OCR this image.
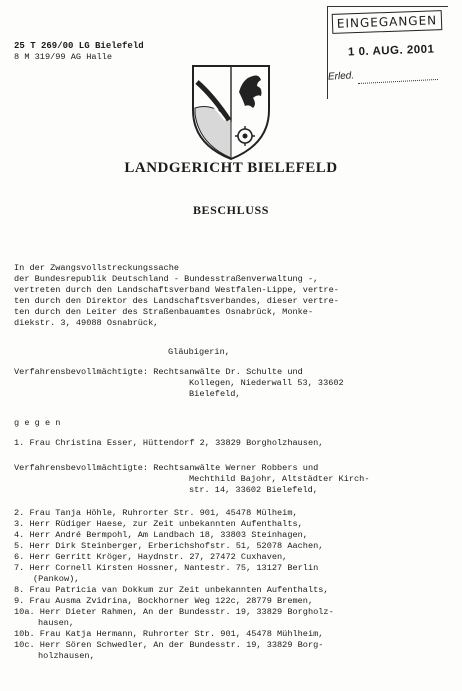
25 T 269/00 LG Bielefeld
8 M 319/99 AG Halle
EINGEGANGEN
1 0. AUG. 2001
Erled.
LANDGERICHT BIELEFELD
BESCHLUSS
In der Zwangsvollstreckungssache
der Bundesrepublik Deutschland - Bundesstraßenverwaltung -,
vertreten durch den Landschaftsverband Westfalen-Lippe, vertre-
ten durch den Direktor des Landschaftsverbandes, dieser vertre-
ten durch den Leiter des Straßenbauamtes Osnabrück, Monke-
diekstr. 3, 49088 Osnabrück,
Gläubigerin,
Verfahrensbevollmächtigte: Rechtsanwälte Dr. Schulte und
Kollegen, Niederwall 53, 33602
Bielefeld,
g e g e n
1. Frau Christina Esser, Hüttendorf 2, 33829 Borgholzhausen,
Verfahrensbevollmächtigte: Rechtsanwälte Werner Robbers und
Mechthild Bajohr, Altstädter Kirch-
str. 14, 33602 Bielefeld,
2. Frau Tanja Höhle, Ruhrorter Str. 901, 45478 Mülheim,
3. Herr Rüdiger Haese, zur Zeit unbekannten Aufenthalts,
4. Herr André Bermpohl, Am Landbach 18, 33803 Steinhagen,
5. Herr Dirk Steinberger, Erberichshofstr. 51, 52078 Aachen,
6. Herr Gerritt Kröger, Haydnstr. 27, 27472 Cuxhaven,
7. Herr Cornell Kirsten Hossner, Nantestr. 75, 13127 Berlin
(Pankow),
8. Frau Patricia van Dokkum zur Zeit unbekannten Aufenthalts,
9. Frau Ausma Zvidrina, Bockhorner Weg 122c, 28779 Bremen,
10a. Herr Dieter Rahmen, An der Bundesstr. 19, 33829 Borgholz-
hausen,
10b. Frau Katja Hermann, Ruhrorter Str. 901, 45478 Mühlheim,
10c. Herr Sören Schwedler, An der Bundesstr. 19, 33829 Borg-
holzhausen,
